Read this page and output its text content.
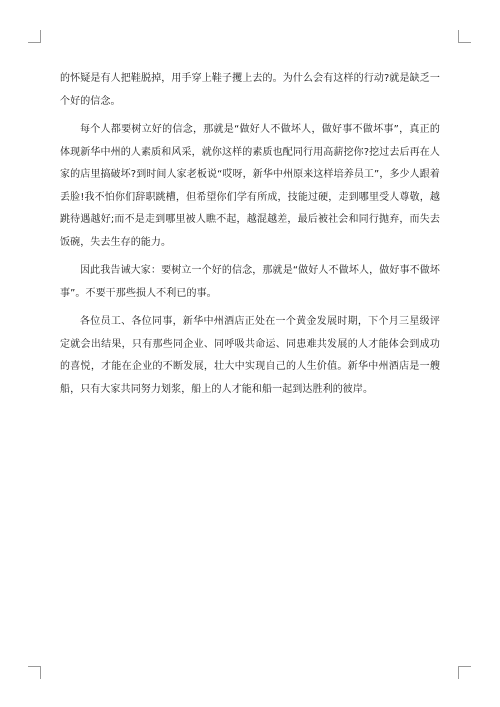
的怀疑是有人把鞋脱掉，用手穿上鞋子攫上去的。为什么会有这样的行动?就是缺乏一个好的信念。

每个人都要树立好的信念，那就是“做好人不做坏人，做好事不做坏事”，真正的体现新华中州的人素质和风采，就你这样的素质也配同行用高薪挖你?挖过去后再在人家的店里搞破坏?到时间人家老板说“哎呀，新华中州原来这样培养员工”，多少人跟着丢脸!我不怕你们辞职跳槽，但希望你们学有所成，技能过硬，走到哪里受人尊敬，越跳待遇越好;而不是走到哪里被人瞧不起，越混越差，最后被社会和同行抛弃，而失去饭碗，失去生存的能力。

因此我告诫大家：要树立一个好的信念，那就是“做好人不做坏人，做好事不做坏事”。不要干那些损人不利已的事。

各位员工、各位同事，新华中州酒店正处在一个黄金发展时期，下个月三星级评定就会出结果，只有那些同企业、同呼吸共命运、同患难共发展的人才能体会到成功的喜悦，才能在企业的不断发展，壮大中实现自己的人生价值。新华中州酒店是一艘船，只有大家共同努力划浆，船上的人才能和船一起到达胜利的彼岸。
